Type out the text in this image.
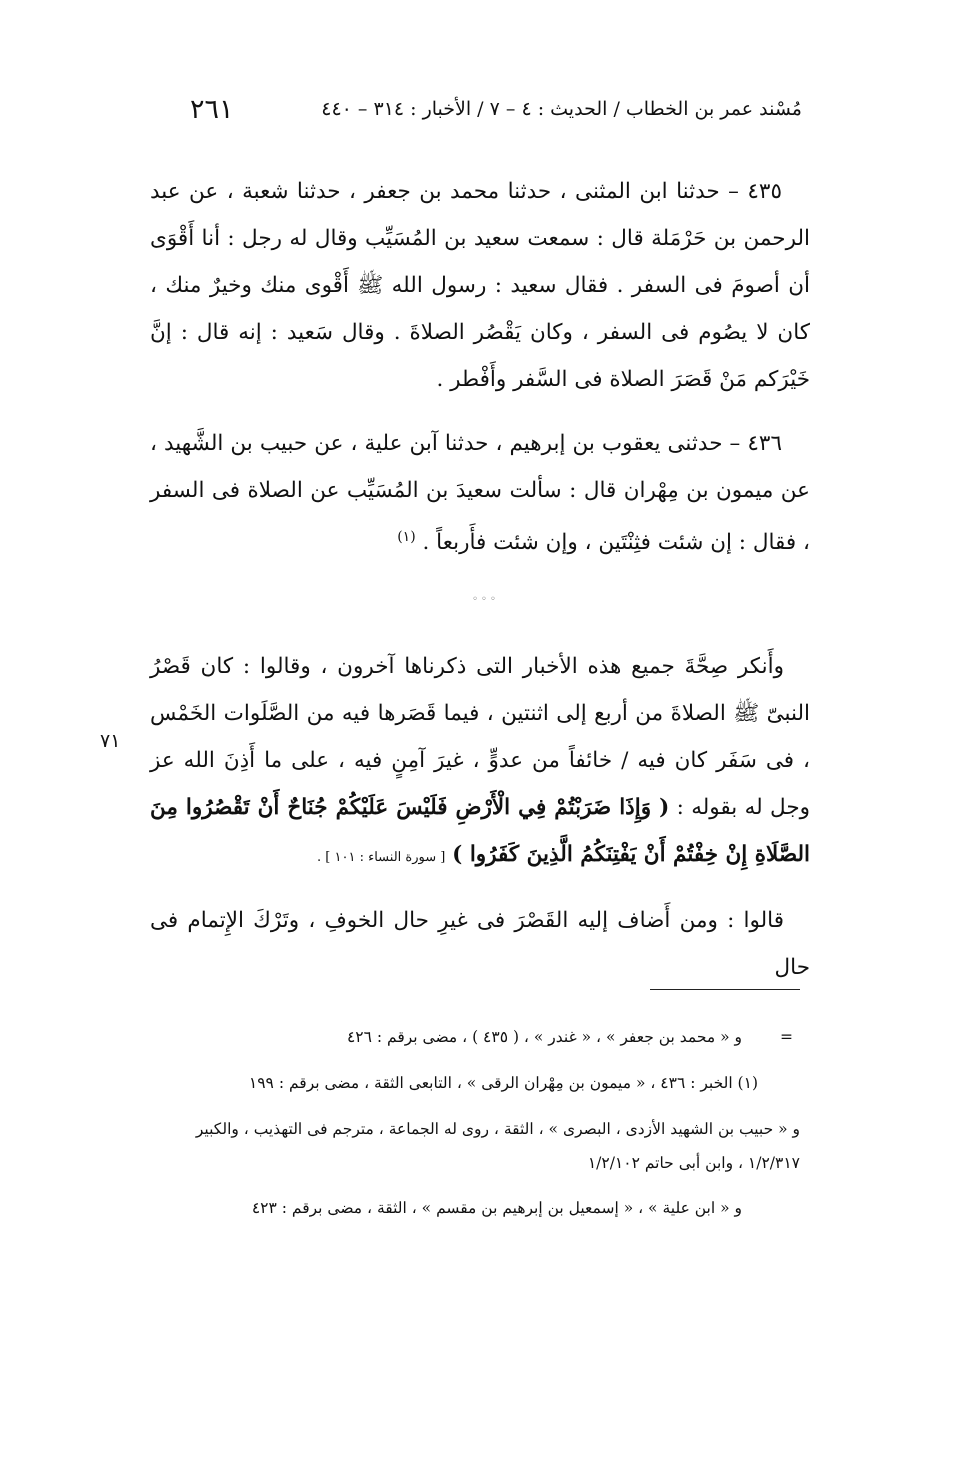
٢٦١	مُسْند عمر بن الخطاب / الحديث : ٤ – ٧ / الأخبار : ٣١٤ – ٤٤٠

٤٣٥ – حدثنا ابن المثنى ، حدثنا محمد بن جعفر ، حدثنا شعبة ، عن عبد الرحمن بن حَرْمَلة قال : سمعت سعيد بن المُسَيِّب وقال له رجل : أنا أَقْوَى أن أصومَ فى السفر . فقال سعيد : رسول الله ﷺ أَقْوى منك وخيرٌ منك ، كان لا يصُوم فى السفر ، وكان يَقْصُر الصلاةَ . وقال سَعيد : إنه قال : إنَّ خَيْرَكم مَنْ قَصَرَ الصلاة فى السَّفر وأَفْطر .

٤٣٦ – حدثنى يعقوب بن إبرهيم ، حدثنا آبن علية ، عن حبيب بن الشَّهيد ، عن ميمون بن مِهْران قال : سألت سعيدَ بن المُسَيِّب عن الصلاة فى السفر ، فقال : إن شئت فثِنْتَين ، وإن شئت فأَربعاً . $^{(١)}$

◦◦◦

وأَنكر صِحَّةَ جميع هذه الأخبار التى ذكرناها آخرون ، وقالوا : كان قَصْرُ النبىّ ﷺ الصلاةَ من أربع إلى اثنتين ، فيما قَصَرها فيه من الصَّلَوات الخَمْس ، فى سَفَر كان فيه / خائفاً من عدوٍّ ، غيرَ آمِنٍ فيه ، على ما أَذِنَ الله عز وجل له بقوله : ( وَإِذَا ضَرَبْتُمْ فِي الْأَرْضِ فَلَيْسَ عَلَيْكُمْ جُنَاحٌ أَنْ تَقْصُرُوا مِنَ الصَّلَاةِ إِنْ خِفْتُمْ أَنْ يَفْتِنَكُمُ الَّذِينَ كَفَرُوا ) [ سورة النساء : ١٠١ ] .

٧١

قالوا : ومن أَضاف إليه القَصْرَ فى غيرِ حال الخوفِ ، وتَرْكَ الإِتمام فى حال

=
و « محمد بن جعفر » ، « غندر » ، ( ٤٣٥ ) ، مضى برقم : ٤٢٦
(١) الخبر : ٤٣٦ ، « ميمون بن مِهْران الرقى » ، التابعى الثقة ، مضى برقم : ١٩٩
و « حبيب بن الشهيد الأزدى ، البصرى » ، الثقة ، روى له الجماعة ، مترجم فى التهذيب ، والكبير
١/٢/٣١٧ ، وابن أبى حاتم ١/٢/١٠٢
و « ابن علية » ، « إسمعيل بن إبرهيم بن مقسم » ، الثقة ، مضى برقم : ٤٢٣
